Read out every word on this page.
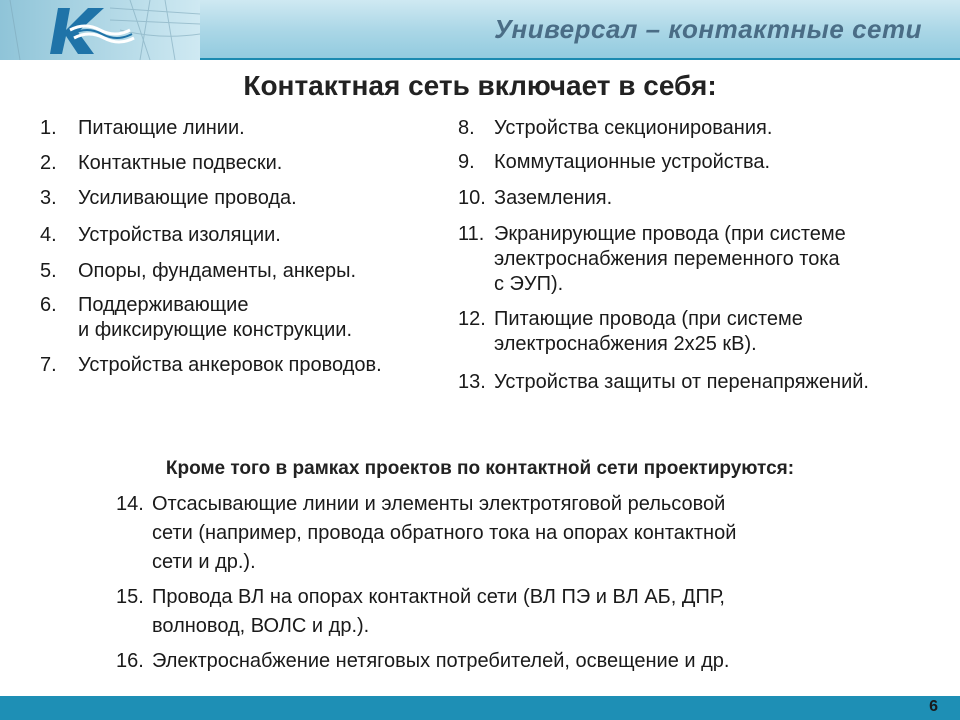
Универсал – контактные сети
Контактная сеть включает в себя:
1.	Питающие линии.
2.	Контактные подвески.
3.	Усиливающие провода.
4.	Устройства изоляции.
5.	Опоры, фундаменты, анкеры.
6.	Поддерживающие
и фиксирующие конструкции.
7.	Устройства анкеровок проводов.
8. Устройства секционирования.
9. Коммутационные устройства.
10. Заземления.
11. Экранирующие провода (при системе
электроснабжения переменного тока
с ЭУП).
12. Питающие провода (при системе
электроснабжения 2х25 кВ).
13. Устройства защиты от перенапряжений.
Кроме того в рамках проектов по контактной сети проектируются:
14. Отсасывающие линии и элементы электротяговой рельсовой
сети (например, провода обратного тока на опорах контактной
сети и др.).
15. Провода ВЛ на опорах контактной сети (ВЛ ПЭ и ВЛ АБ, ДПР,
волновод, ВОЛС и др.).
16. Электроснабжение нетяговых потребителей, освещение и др.
6
